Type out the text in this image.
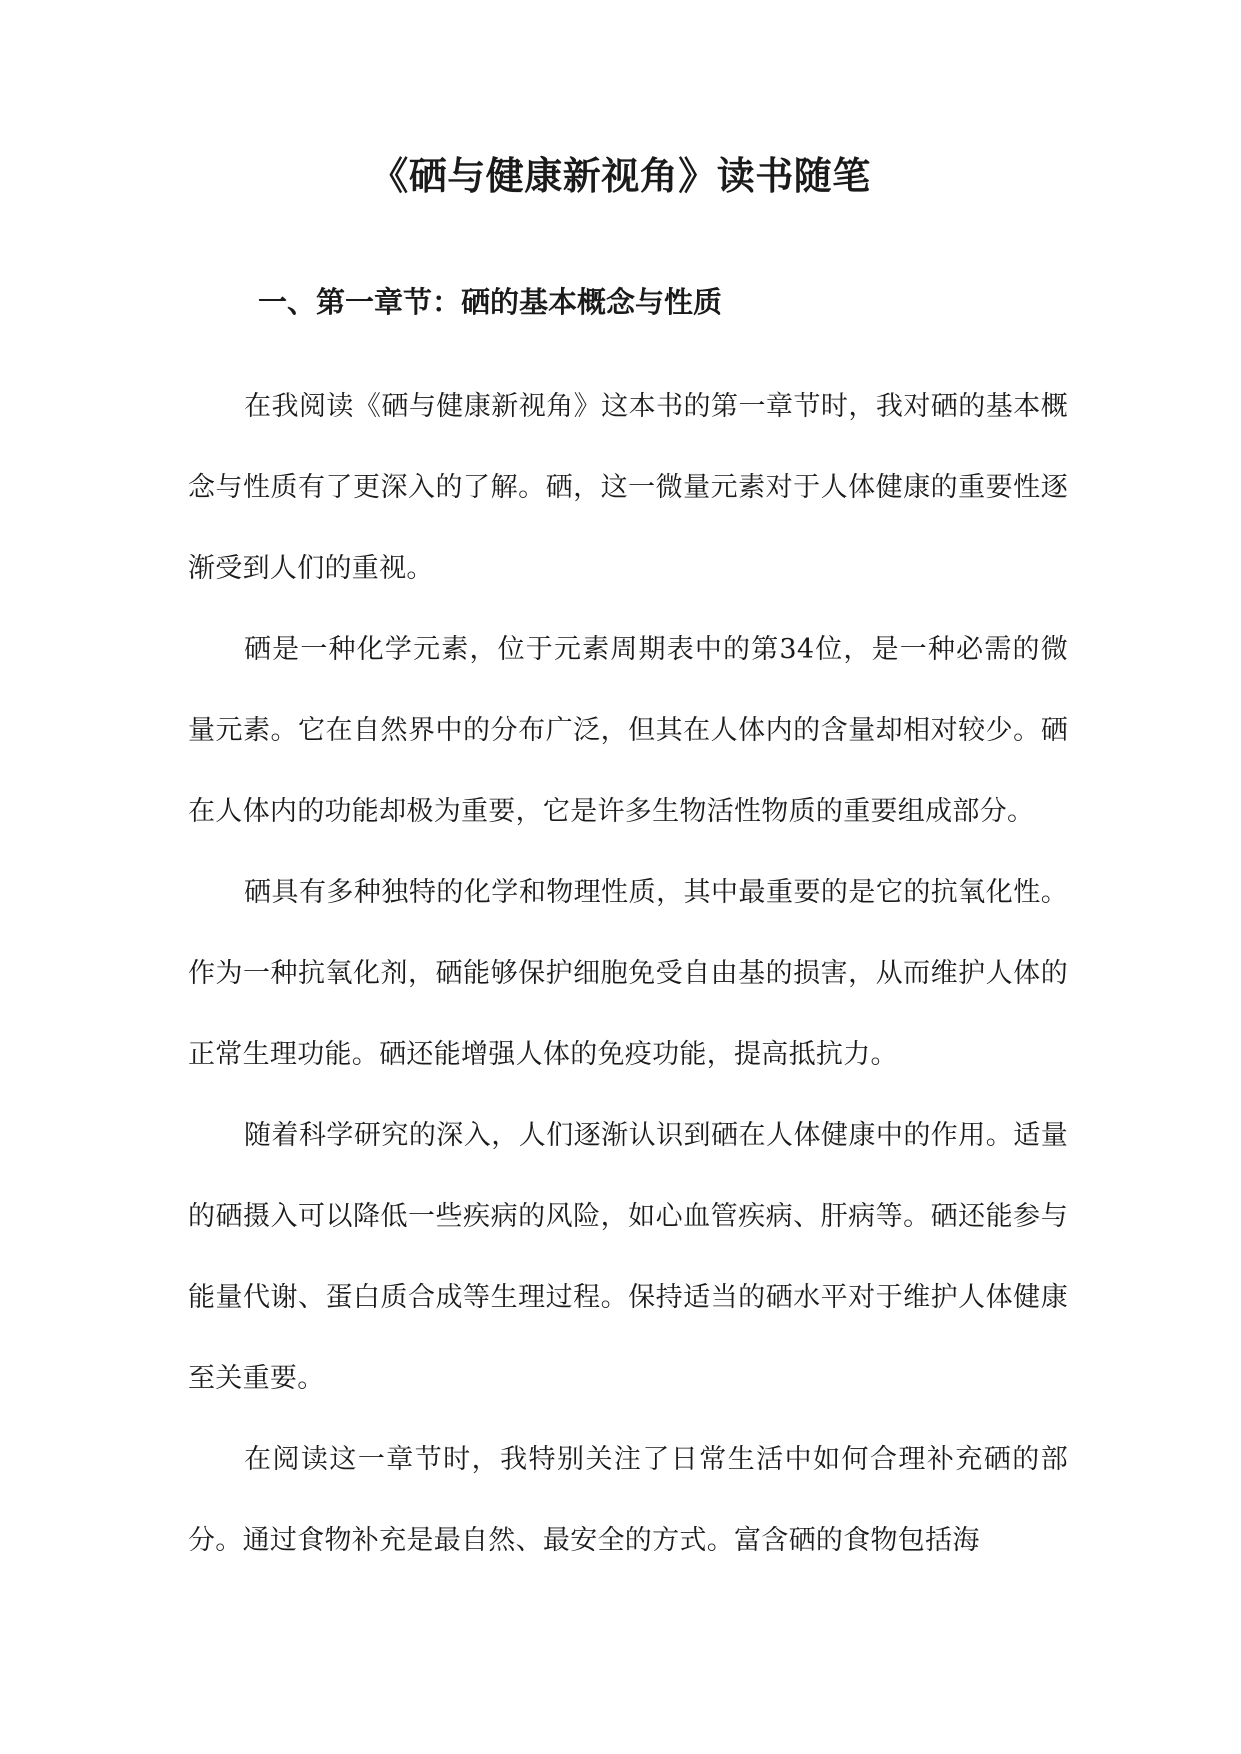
《硒与健康新视角》读书随笔
一、第一章节：硒的基本概念与性质

在我阅读《硒与健康新视角》这本书的第一章节时，我对硒的基本概念与性质有了更深入的了解。硒，这一微量元素对于人体健康的重要性逐渐受到人们的重视。

硒是一种化学元素，位于元素周期表中的第34位，是一种必需的微量元素。它在自然界中的分布广泛，但其在人体内的含量却相对较少。硒在人体内的功能却极为重要，它是许多生物活性物质的重要组成部分。

硒具有多种独特的化学和物理性质，其中最重要的是它的抗氧化性。作为一种抗氧化剂，硒能够保护细胞免受自由基的损害，从而维护人体的正常生理功能。硒还能增强人体的免疫功能，提高抵抗力。

随着科学研究的深入，人们逐渐认识到硒在人体健康中的作用。适量的硒摄入可以降低一些疾病的风险，如心血管疾病、肝病等。硒还能参与能量代谢、蛋白质合成等生理过程。保持适当的硒水平对于维护人体健康至关重要。

在阅读这一章节时，我特别关注了日常生活中如何合理补充硒的部分。通过食物补充是最自然、最安全的方式。富含硒的食物包括海
